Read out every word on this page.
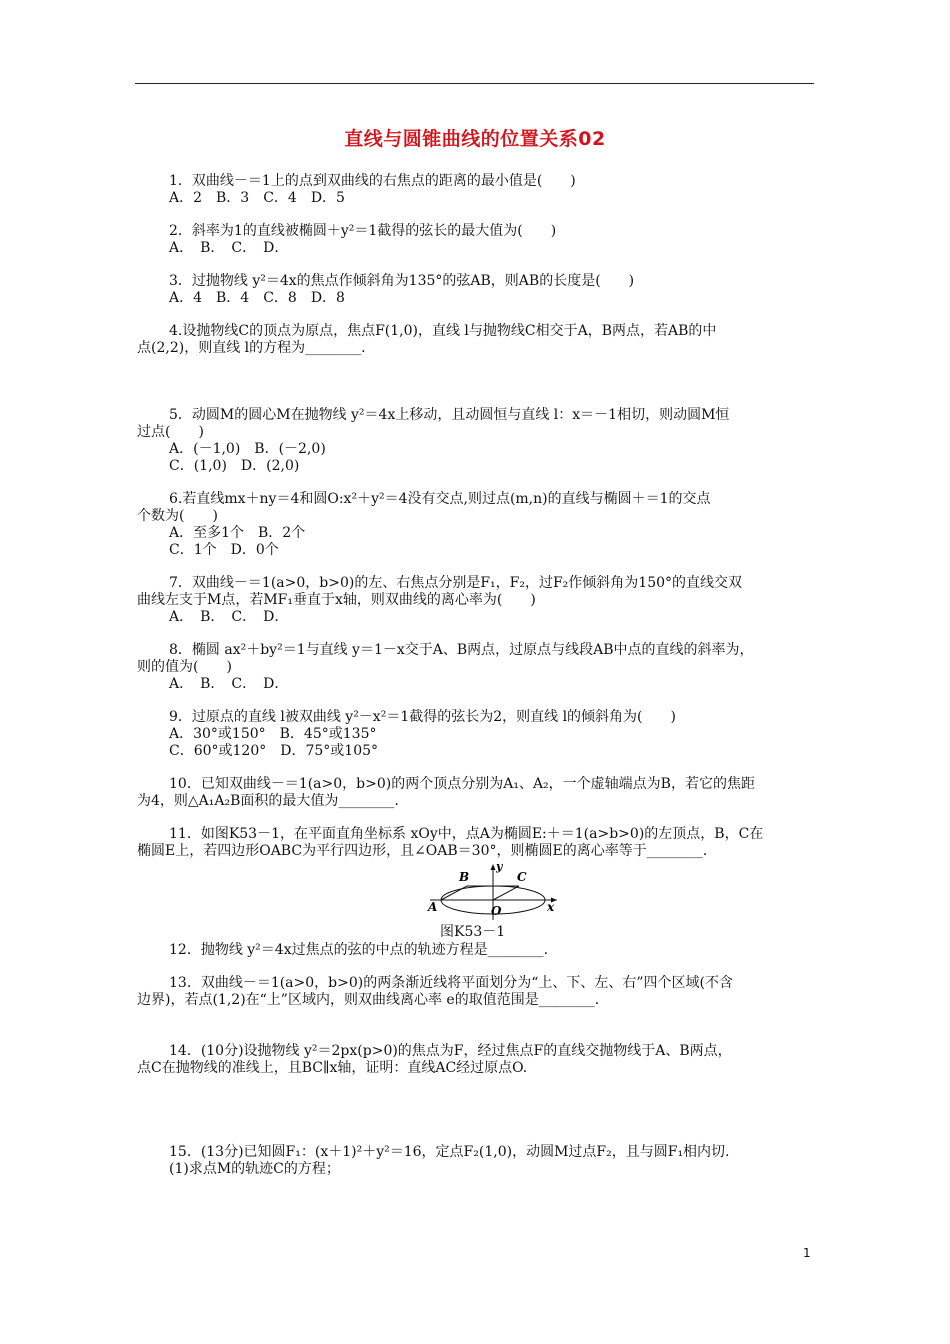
直线与圆锥曲线的位置关系02
1．双曲线－＝1上的点到双曲线的右焦点的距离的最小值是(　　)
A．2　B．3　C．4　D．5
2．斜率为1的直线被椭圆＋y²＝1截得的弦长的最大值为(　　)
A．　B．　C．　D．
3．过抛物线 y²＝4x的焦点作倾斜角为135°的弦AB，则AB的长度是(　　)
A．4　B．4　C．8　D．8
4.设抛物线C的顶点为原点，焦点F(1,0)，直线 l与抛物线C相交于A，B两点，若AB的中
点(2,2)，则直线 l的方程为________.
5．动圆M的圆心M在抛物线 y²＝4x上移动，且动圆恒与直线 l：x＝－1相切，则动圆M恒
过点(　　)
A．(－1,0)　B．(－2,0)
C．(1,0)　D．(2,0)
6.若直线mx＋ny＝4和圆O:x²＋y²＝4没有交点,则过点(m,n)的直线与椭圆＋＝1的交点
个数为(　　)
A．至多1个　B．2个
C．1个　D．0个
7．双曲线－＝1(a>0，b>0)的左、右焦点分别是F₁，F₂，过F₂作倾斜角为150°的直线交双
曲线左支于M点，若MF₁垂直于x轴，则双曲线的离心率为(　　)
A．　B．　C．　D．
8．椭圆 ax²＋by²＝1与直线 y＝1－x交于A、B两点，过原点与线段AB中点的直线的斜率为，
则的值为(　　)
A．　B．　C．　D．
9．过原点的直线 l被双曲线 y²－x²＝1截得的弦长为2，则直线 l的倾斜角为(　　)
A．30°或150°　B．45°或135°
C．60°或120°　D．75°或105°
10．已知双曲线－＝1(a>0，b>0)的两个顶点分别为A₁、A₂，一个虚轴端点为B，若它的焦距
为4，则△A₁A₂B面积的最大值为________.
11．如图K53－1，在平面直角坐标系 xOy中，点A为椭圆E:＋＝1(a>b>0)的左顶点，B，C在
椭圆E上，若四边形OABC为平行四边形，且∠OAB＝30°，则椭圆E的离心率等于________.
A
B	C
O	x
y
图K53－1
12．抛物线 y²＝4x过焦点的弦的中点的轨迹方程是________.
13．双曲线－＝1(a>0，b>0)的两条渐近线将平面划分为“上、下、左、右”四个区域(不含
边界)，若点(1,2)在“上”区域内，则双曲线离心率 e的取值范围是________.
14．(10分)设抛物线 y²＝2px(p>0)的焦点为F，经过焦点F的直线交抛物线于A、B两点，
点C在抛物线的准线上，且BC∥x轴，证明：直线AC经过原点O.
15．(13分)已知圆F₁：(x＋1)²＋y²＝16，定点F₂(1,0)，动圆M过点F₂，且与圆F₁相内切.
(1)求点M的轨迹C的方程；
1
